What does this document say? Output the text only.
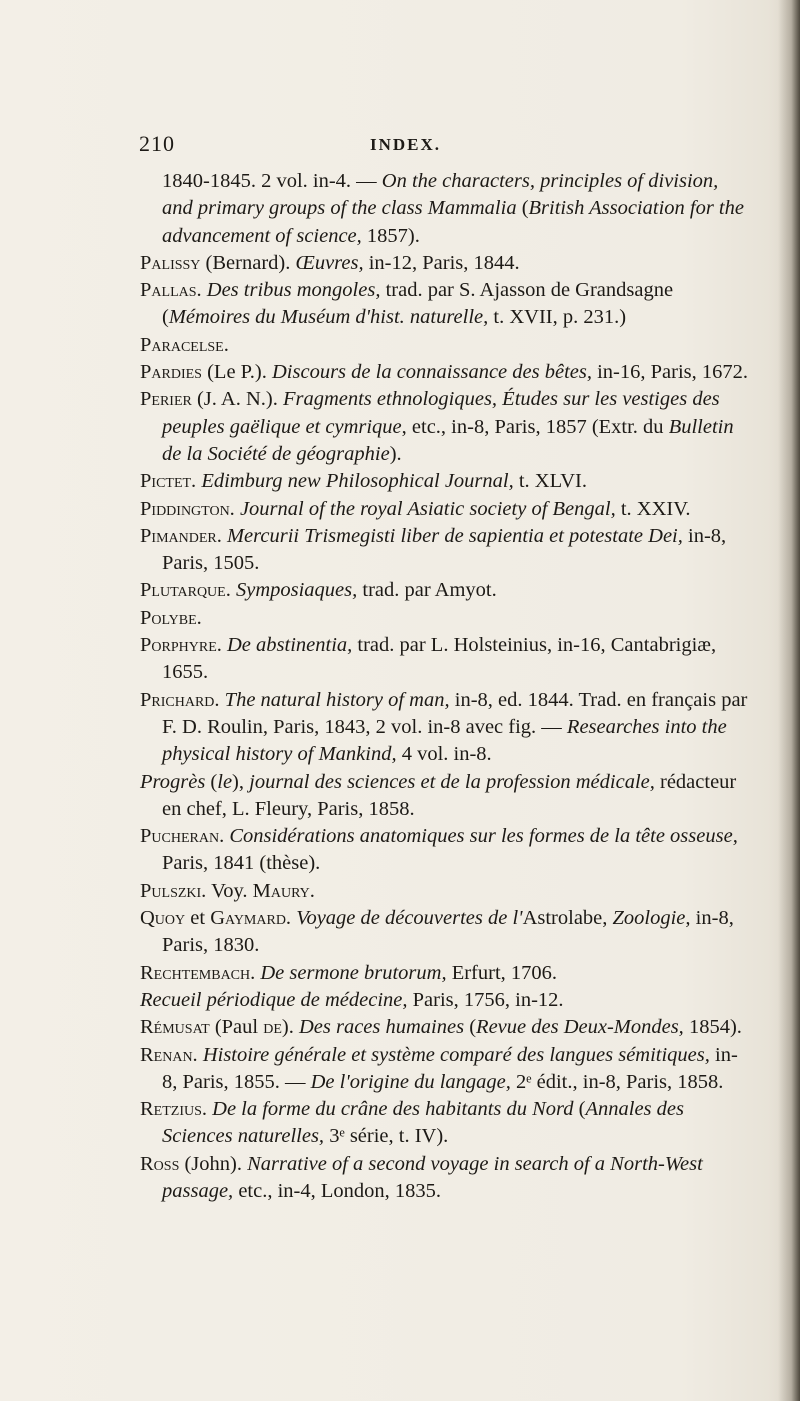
210	INDEX.

1840-1845. 2 vol. in-4. — On the characters, principles of division, and primary groups of the class Mammalia (British Association for the advancement of science, 1857).

Palissy (Bernard). Œuvres, in-12, Paris, 1844.

Pallas. Des tribus mongoles, trad. par S. Ajasson de Grandsagne (Mémoires du Muséum d'hist. naturelle, t. XVII, p. 231.)

Paracelse.

Pardies (Le P.). Discours de la connaissance des bêtes, in-16, Paris, 1672.

Perier (J. A. N.). Fragments ethnologiques, Études sur les vestiges des peuples gaëlique et cymrique, etc., in-8, Paris, 1857 (Extr. du Bulletin de la Société de géographie).

Pictet. Edimburg new Philosophical Journal, t. XLVI.

Piddington. Journal of the royal Asiatic society of Bengal, t. XXIV.

Pimander. Mercurii Trismegisti liber de sapientia et potestate Dei, in-8, Paris, 1505.

Plutarque. Symposiaques, trad. par Amyot.

Polybe.

Porphyre. De abstinentia, trad. par L. Holsteinius, in-16, Cantabrigiæ, 1655.

Prichard. The natural history of man, in-8, ed. 1844. Trad. en français par F. D. Roulin, Paris, 1843, 2 vol. in-8 avec fig. — Researches into the physical history of Mankind, 4 vol. in-8.

Progrès (le), journal des sciences et de la profession médicale, rédacteur en chef, L. Fleury, Paris, 1858.

Pucheran. Considérations anatomiques sur les formes de la tête osseuse, Paris, 1841 (thèse).

Pulszki. Voy. Maury.

Quoy et Gaymard. Voyage de découvertes de l'Astrolabe, Zoologie, in-8, Paris, 1830.

Rechtembach. De sermone brutorum, Erfurt, 1706.

Recueil périodique de médecine, Paris, 1756, in-12.

Rémusat (Paul de). Des races humaines (Revue des Deux-Mondes, 1854).

Renan. Histoire générale et système comparé des langues sémitiques, in-8, Paris, 1855. — De l'origine du langage, 2ᵉ édit., in-8, Paris, 1858.

Retzius. De la forme du crâne des habitants du Nord (Annales des Sciences naturelles, 3ᵉ série, t. IV).

Ross (John). Narrative of a second voyage in search of a North-West passage, etc., in-4, London, 1835.
